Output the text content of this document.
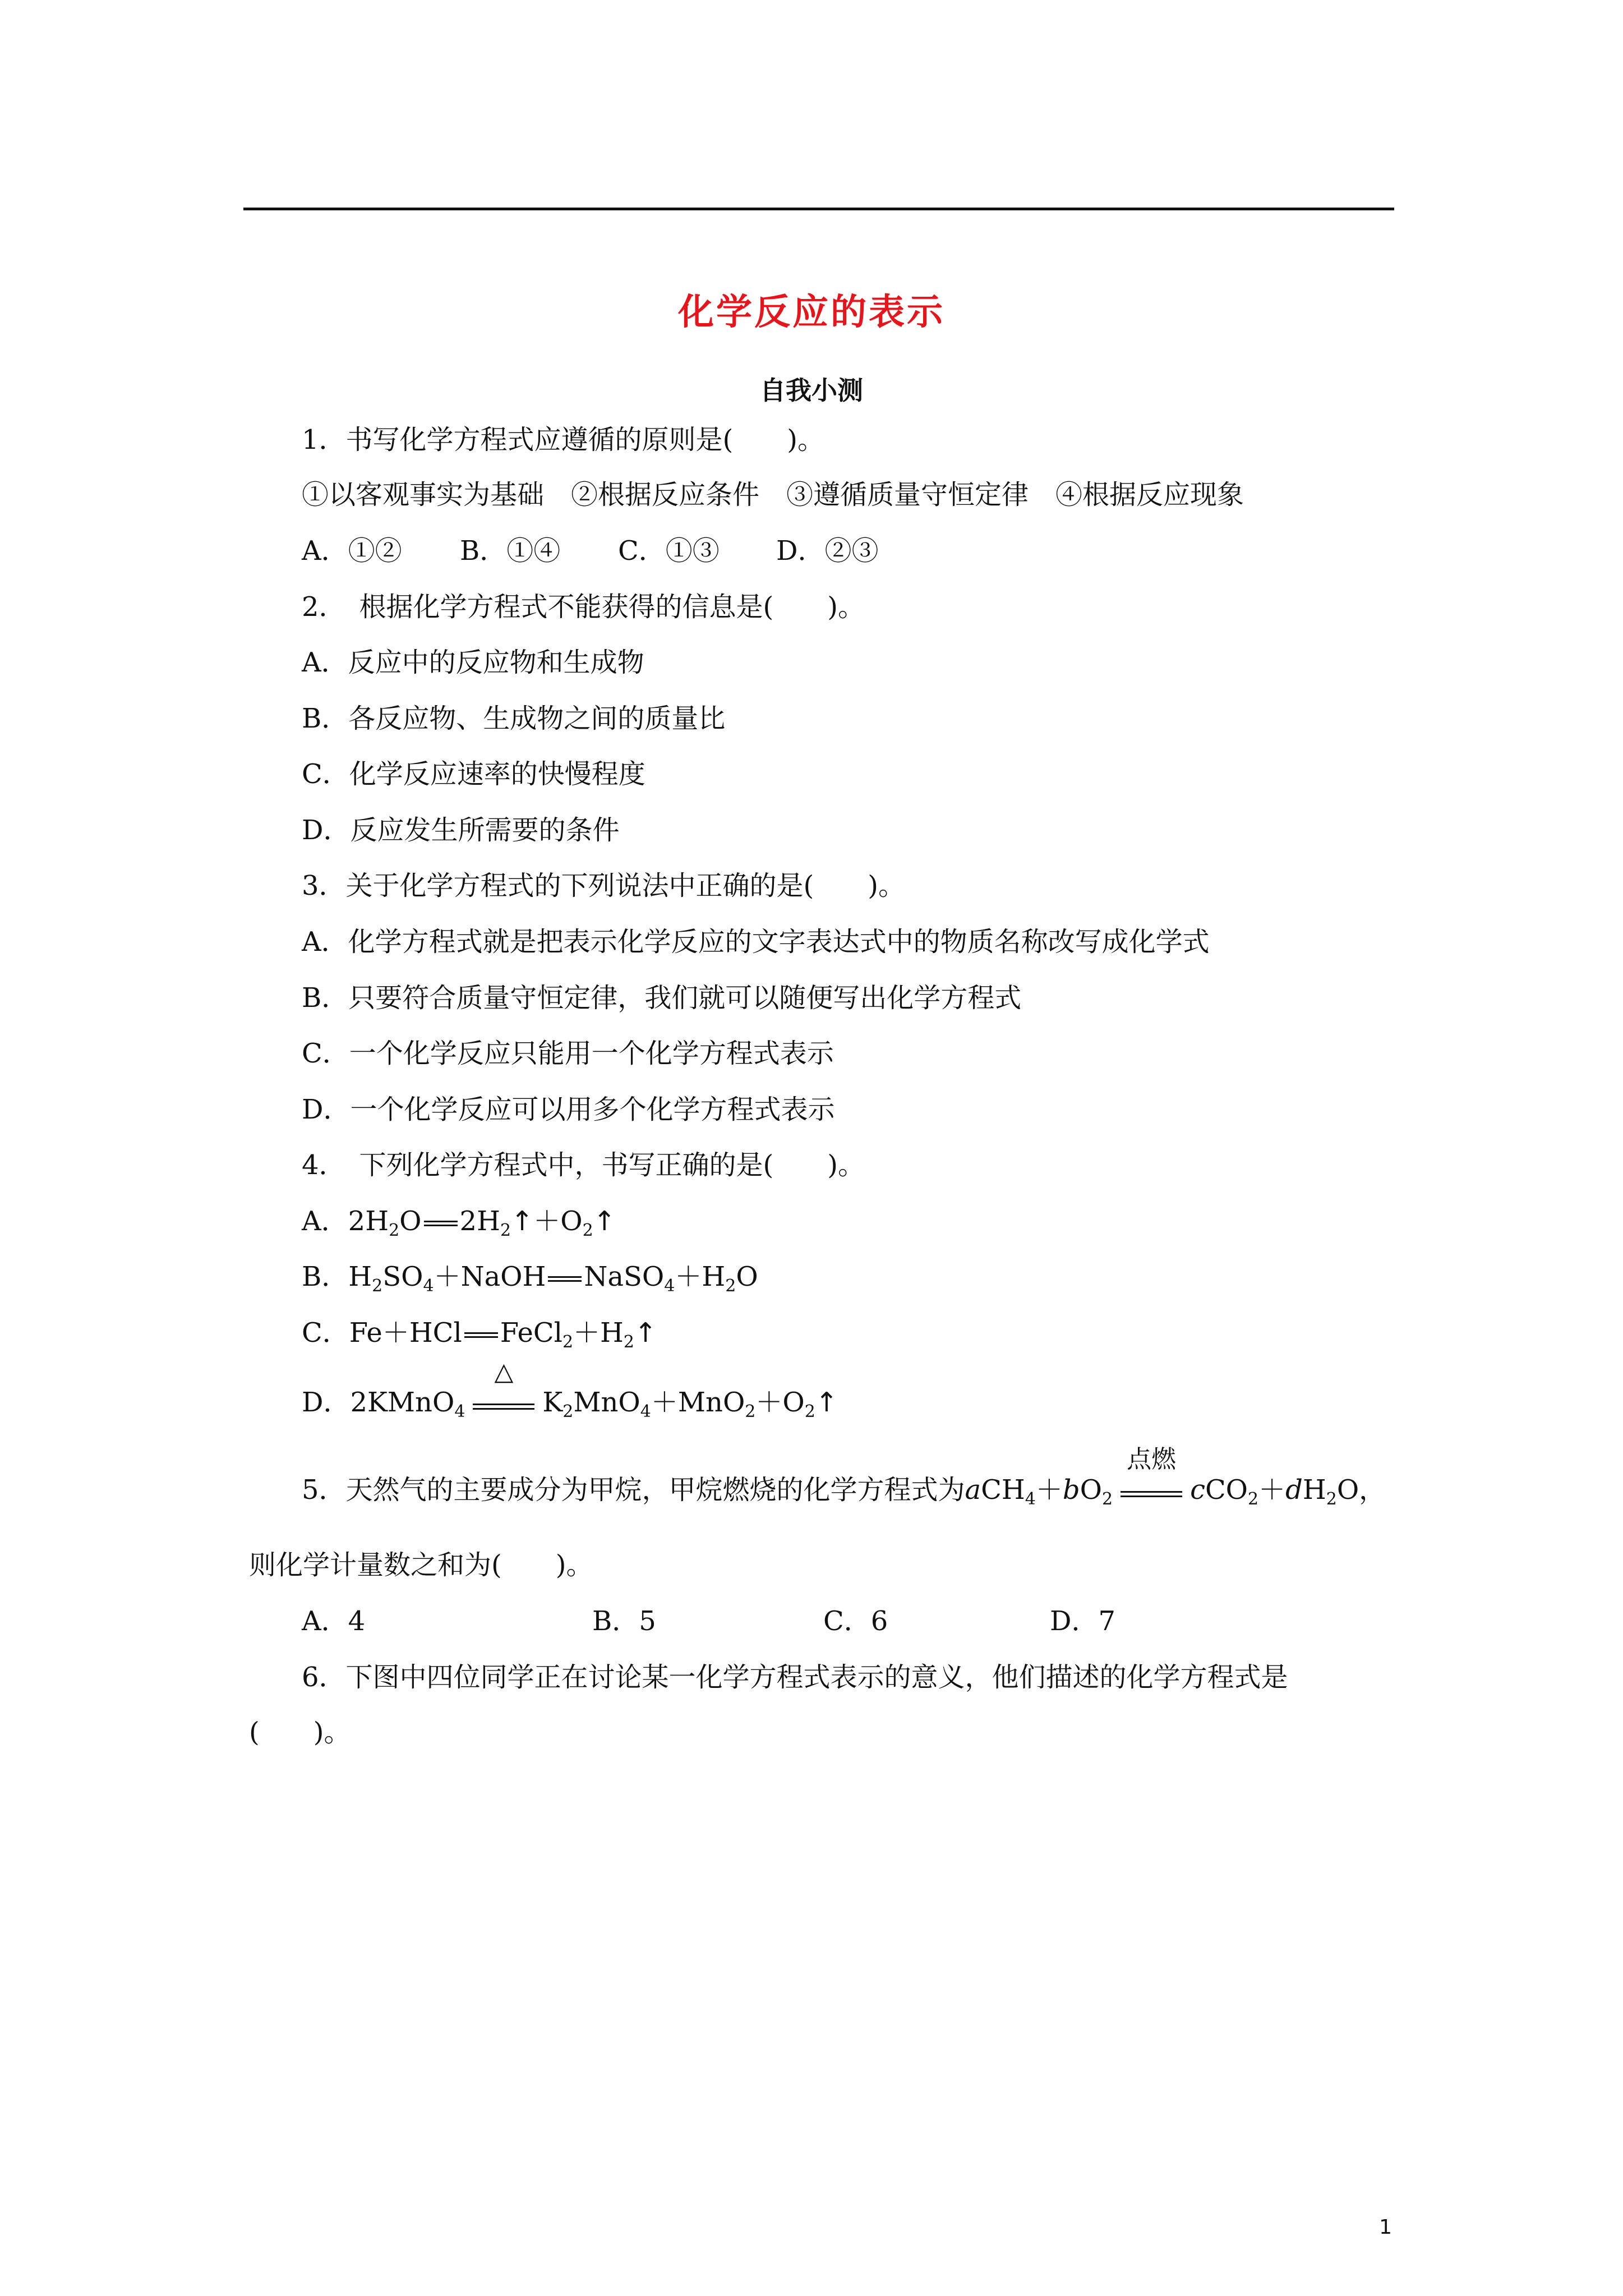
化学反应的表示
自我小测
1．书写化学方程式应遵循的原则是(　　)。
①以客观事实为基础　②根据反应条件　③遵循质量守恒定律　④根据反应现象
A．①② B．①④ C．①③ D．②③
2．　根据化学方程式不能获得的信息是(　　)。
A．反应中的反应物和生成物
B．各反应物、生成物之间的质量比
C．化学反应速率的快慢程度
D．反应发生所需要的条件
3．关于化学方程式的下列说法中正确的是(　　)。
A．化学方程式就是把表示化学反应的文字表达式中的物质名称改写成化学式
B．只要符合质量守恒定律，我们就可以随便写出化学方程式
C．一个化学反应只能用一个化学方程式表示
D．一个化学反应可以用多个化学方程式表示
4．　下列化学方程式中，书写正确的是(　　)。
A．$2H_2O$ $2H_2↑+O_2↑$
B．$H_2SO_4+NaOH$ $NaSO_4+H_2O$
C．Fe＋HCl $FeCl_2+H_2↑$
D．2KMnO$_4$
△
$K_2MnO_4+MnO_2+O_2↑$
5．天然气的主要成分为甲烷，甲烷燃烧的化学方程式为$aCH_4+bO_2$
点燃
$cCO_2+dH_2O$，
则化学计量数之和为(　　)。
A．4	B．5	C．6	D．7
6．下图中四位同学正在讨论某一化学方程式表示的意义，他们描述的化学方程式是
(　　)。
1
